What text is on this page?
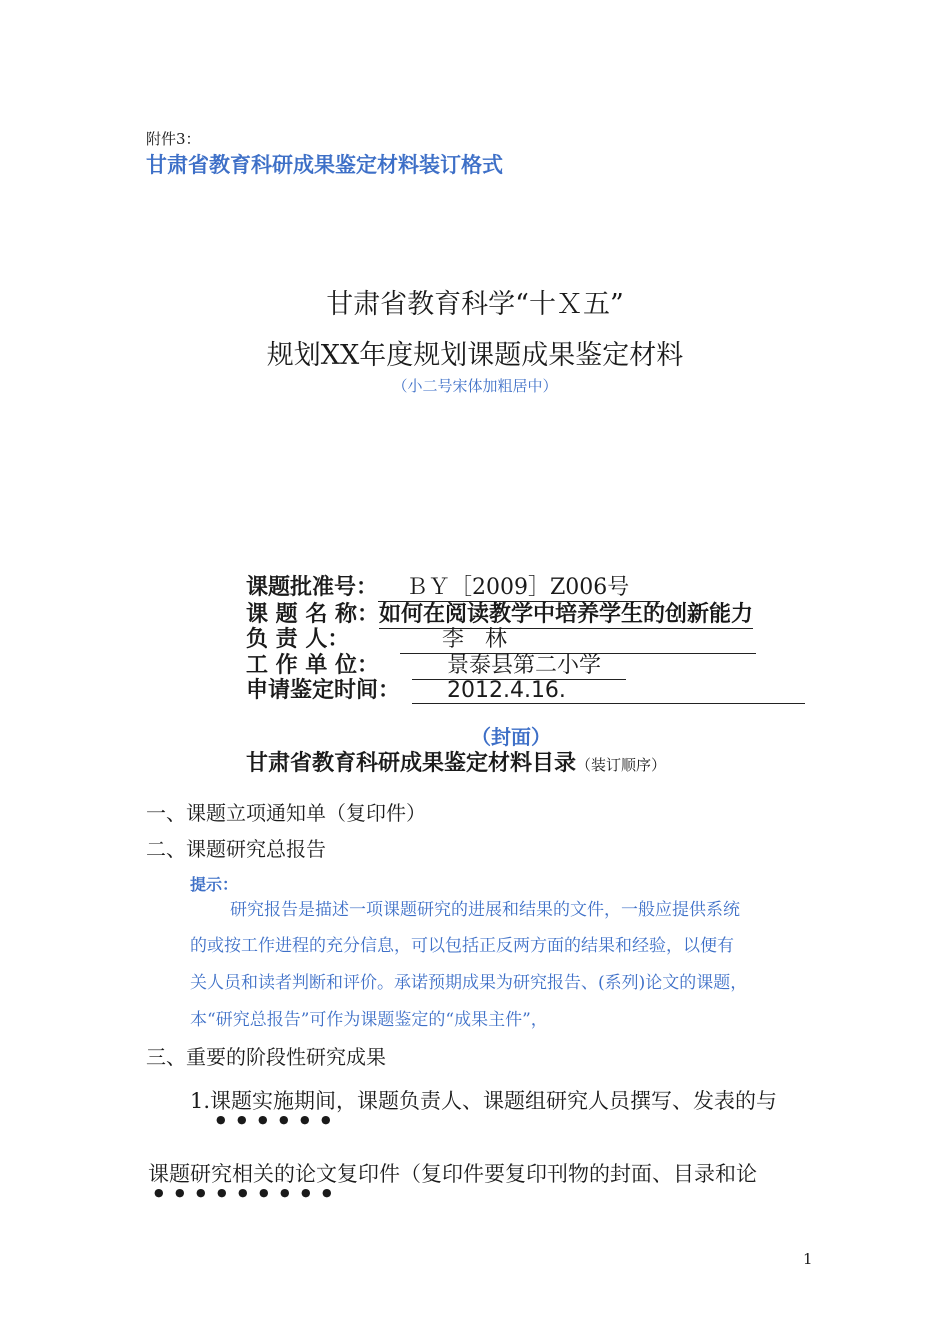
附件3：
甘肃省教育科研成果鉴定材料装订格式
甘肃省教育科学“十Ｘ五”
规划XX年度规划课题成果鉴定材料
（小二号宋体加粗居中）
课题批准号：  ＢＹ［2009］Z006号
课 题 名 称：如何在阅读教学中培养学生的创新能力
负 责 人：      李   林
工 作 单 位：     景泰县第二小学
申请鉴定时间：     2012.4.16.
（封面）
甘肃省教育科研成果鉴定材料目录（装订顺序）
一、课题立项通知单（复印件）
二、课题研究总报告
提示：
研究报告是描述一项课题研究的进展和结果的文件，一般应提供系统
的或按工作进程的充分信息，可以包括正反两方面的结果和经验，以便有
关人员和读者判断和评价。承诺预期成果为研究报告、(系列)论文的课题，
本“研究总报告”可作为课题鉴定的“成果主件”，
三、重要的阶段性研究成果
1.课题实施期间，课题负责人、课题组研究人员撰写、发表的与
课题研究相关的论文复印件（复印件要复印刊物的封面、目录和论
1
